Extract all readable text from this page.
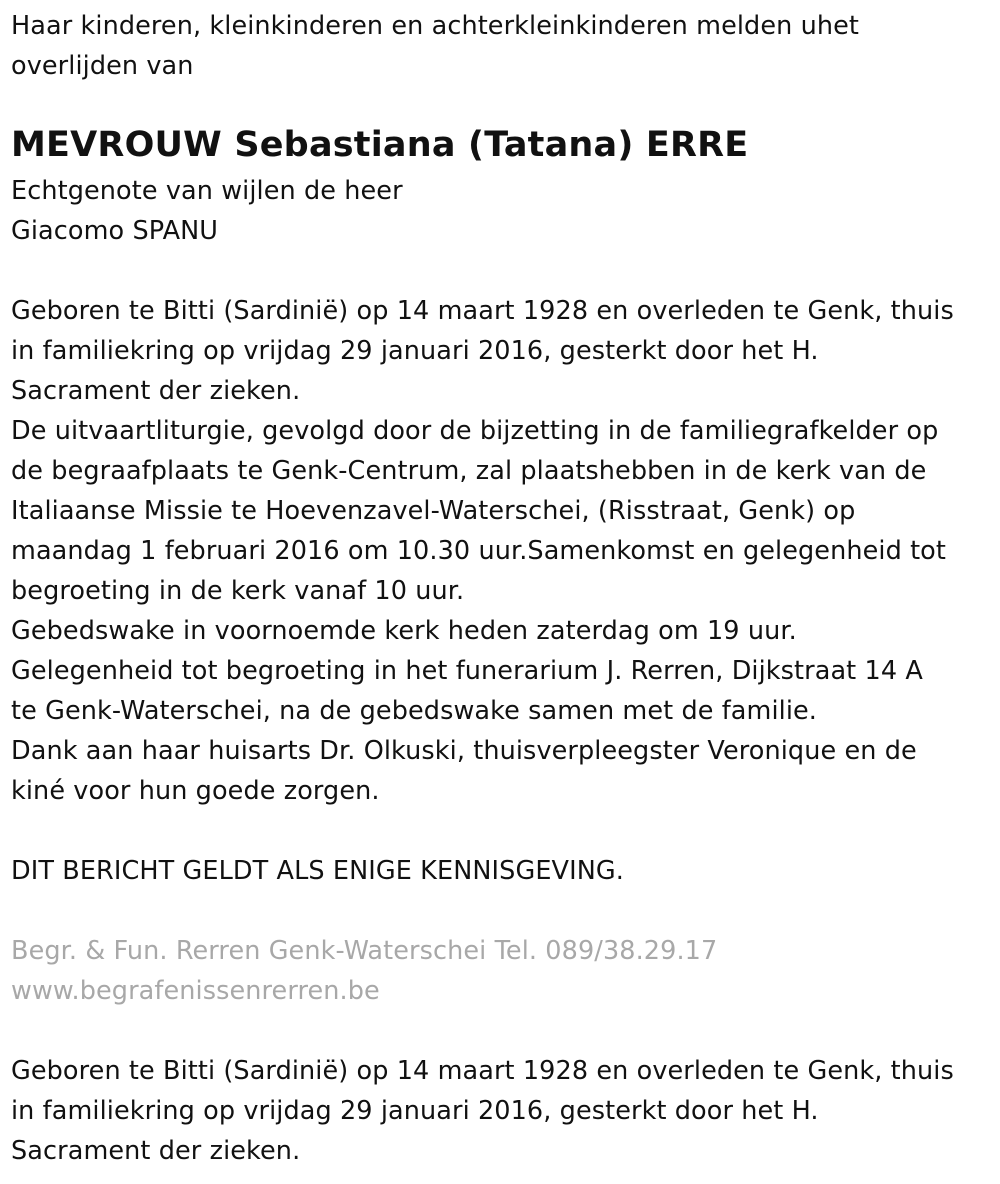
Haar kinderen, kleinkinderen en achterkleinkinderen melden uhet
overlijden van
MEVROUW Sebastiana (Tatana) ERRE
Echtgenote van wijlen de heer
Giacomo SPANU
Geboren te Bitti (Sardinië) op 14 maart 1928 en overleden te Genk, thuis
in familiekring op vrijdag 29 januari 2016, gesterkt door het H.
Sacrament der zieken.
De uitvaartliturgie, gevolgd door de bijzetting in de familiegrafkelder op
de begraafplaats te Genk-Centrum, zal plaatshebben in de kerk van de
Italiaanse Missie te Hoevenzavel-Waterschei, (Risstraat, Genk) op
maandag 1 februari 2016 om 10.30 uur.Samenkomst en gelegenheid tot
begroeting in de kerk vanaf 10 uur.
Gebedswake in voornoemde kerk heden zaterdag om 19 uur.
Gelegenheid tot begroeting in het funerarium J. Rerren, Dijkstraat 14 A
te Genk-Waterschei, na de gebedswake samen met de familie.
Dank aan haar huisarts Dr. Olkuski, thuisverpleegster Veronique en de
kiné voor hun goede zorgen.
DIT BERICHT GELDT ALS ENIGE KENNISGEVING.
Begr. & Fun. Rerren Genk-Waterschei Tel. 089/38.29.17
www.begrafenissenrerren.be
Geboren te Bitti (Sardinië) op 14 maart 1928 en overleden te Genk, thuis
in familiekring op vrijdag 29 januari 2016, gesterkt door het H.
Sacrament der zieken.
